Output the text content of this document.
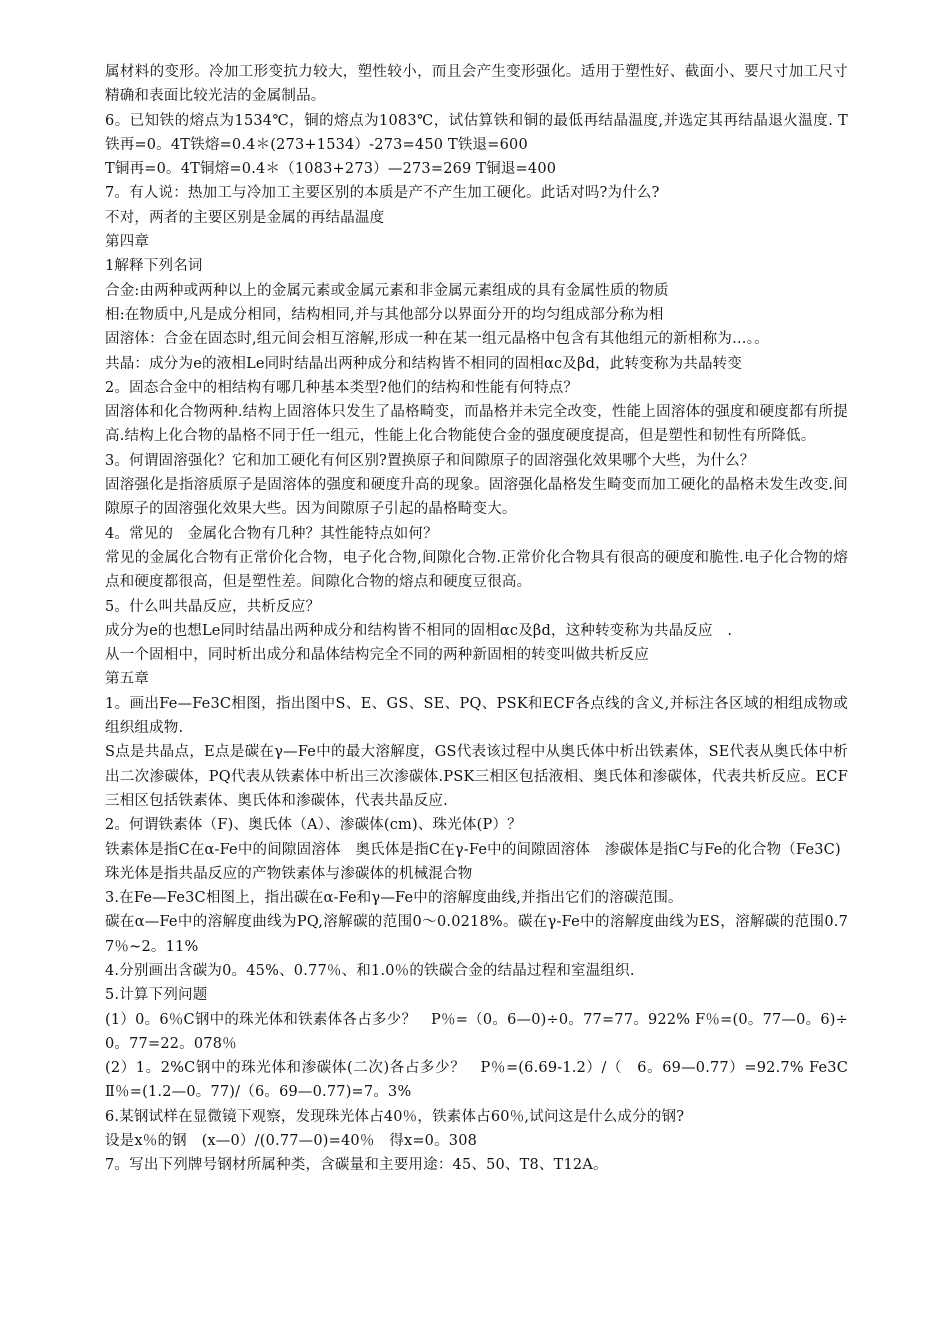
属材料的变形。冷加工形变抗力较大，塑性较小，而且会产生变形强化。适用于塑性好、截面小、要尺寸加工尺寸精确和表面比较光洁的金属制品。

6。已知铁的熔点为1534℃，铜的熔点为1083℃，试估算铁和铜的最低再结晶温度,并选定其再结晶退火温度. T铁再=0。4T铁熔=0.4＊(273+1534）-273=450 T铁退=600

T铜再=0。4T铜熔=0.4＊（1083+273）—273=269 T铜退=400

7。有人说：热加工与冷加工主要区别的本质是产不产生加工硬化。此话对吗?为什么?

不对，两者的主要区别是金属的再结晶温度

第四章

1解释下列名词

合金:由两种或两种以上的金属元素或金属元素和非金属元素组成的具有金属性质的物质

相:在物质中,凡是成分相同，结构相同,并与其他部分以界面分开的均匀组成部分称为相

固溶体：合金在固态时,组元间会相互溶解,形成一种在某一组元晶格中包含有其他组元的新相称为…。。

共晶：成分为e的液相Le同时结晶出两种成分和结构皆不相同的固相αc及βd，此转变称为共晶转变

2。固态合金中的相结构有哪几种基本类型?他们的结构和性能有何特点？

固溶体和化合物两种.结构上固溶体只发生了晶格畸变，而晶格并未完全改变，性能上固溶体的强度和硬度都有所提高.结构上化合物的晶格不同于任一组元，性能上化合物能使合金的强度硬度提高，但是塑性和韧性有所降低。

3。何谓固溶强化？它和加工硬化有何区别?置换原子和间隙原子的固溶强化效果哪个大些，为什么？

固溶强化是指溶质原子是固溶体的强度和硬度升高的现象。固溶强化晶格发生畸变而加工硬化的晶格未发生改变.间隙原子的固溶强化效果大些。因为间隙原子引起的晶格畸变大。

4。常见的　金属化合物有几种？其性能特点如何？

常见的金属化合物有正常价化合物，电子化合物,间隙化合物.正常价化合物具有很高的硬度和脆性.电子化合物的熔点和硬度都很高，但是塑性差。间隙化合物的熔点和硬度豆很高。

5。什么叫共晶反应，共析反应？

成分为e的也想Le同时结晶出两种成分和结构皆不相同的固相αc及βd，这种转变称为共晶反应　.

从一个固相中，同时析出成分和晶体结构完全不同的两种新固相的转变叫做共析反应

第五章

1。画出Fe—Fe3C相图，指出图中S、E、GS、SE、PQ、PSK和ECF各点线的含义,并标注各区域的相组成物或组织组成物.

S点是共晶点，E点是碳在γ—Fe中的最大溶解度，GS代表该过程中从奥氏体中析出铁素体，SE代表从奥氏体中析出二次渗碳体，PQ代表从铁素体中析出三次渗碳体.PSK三相区包括液相、奥氏体和渗碳体，代表共析反应。ECF三相区包括铁素体、奥氏体和渗碳体，代表共晶反应.

2。何谓铁素体（F)、奥氏体（A）、渗碳体(cm)、珠光体(P）？

铁素体是指C在α-Fe中的间隙固溶体　奥氏体是指C在γ-Fe中的间隙固溶体　渗碳体是指C与Fe的化合物（Fe3C)

珠光体是指共晶反应的产物铁素体与渗碳体的机械混合物

3.在Fe—Fe3C相图上，指出碳在α-Fe和γ—Fe中的溶解度曲线,并指出它们的溶碳范围。

碳在α—Fe中的溶解度曲线为PQ,溶解碳的范围0～0.0218%。碳在γ-Fe中的溶解度曲线为ES，溶解碳的范围0.77％~2。11%

4.分别画出含碳为0。45%、0.77％、和1.0％的铁碳合金的结晶过程和室温组织.

5.计算下列问题

(1）0。6％C钢中的珠光体和铁素体各占多少？　P％=（0。6—0)÷0。77=77。922% F％=(0。77—0。6)÷0。77=22。078％

(2）1。2%C钢中的珠光体和渗碳体(二次)各占多少？　P％=(6.69-1.2）/（　6。69—0.77）=92.7% Fe3CⅡ％=(1.2—0。77)/（6。69—0.77)=7。3%

6.某钢试样在显微镜下观察，发现珠光体占40％，铁素体占60％,试问这是什么成分的钢?

设是x％的钢　(x—0）/(0.77—0)=40％　得x=0。308

7。写出下列牌号钢材所属种类，含碳量和主要用途：45、50、T8、T12A。
